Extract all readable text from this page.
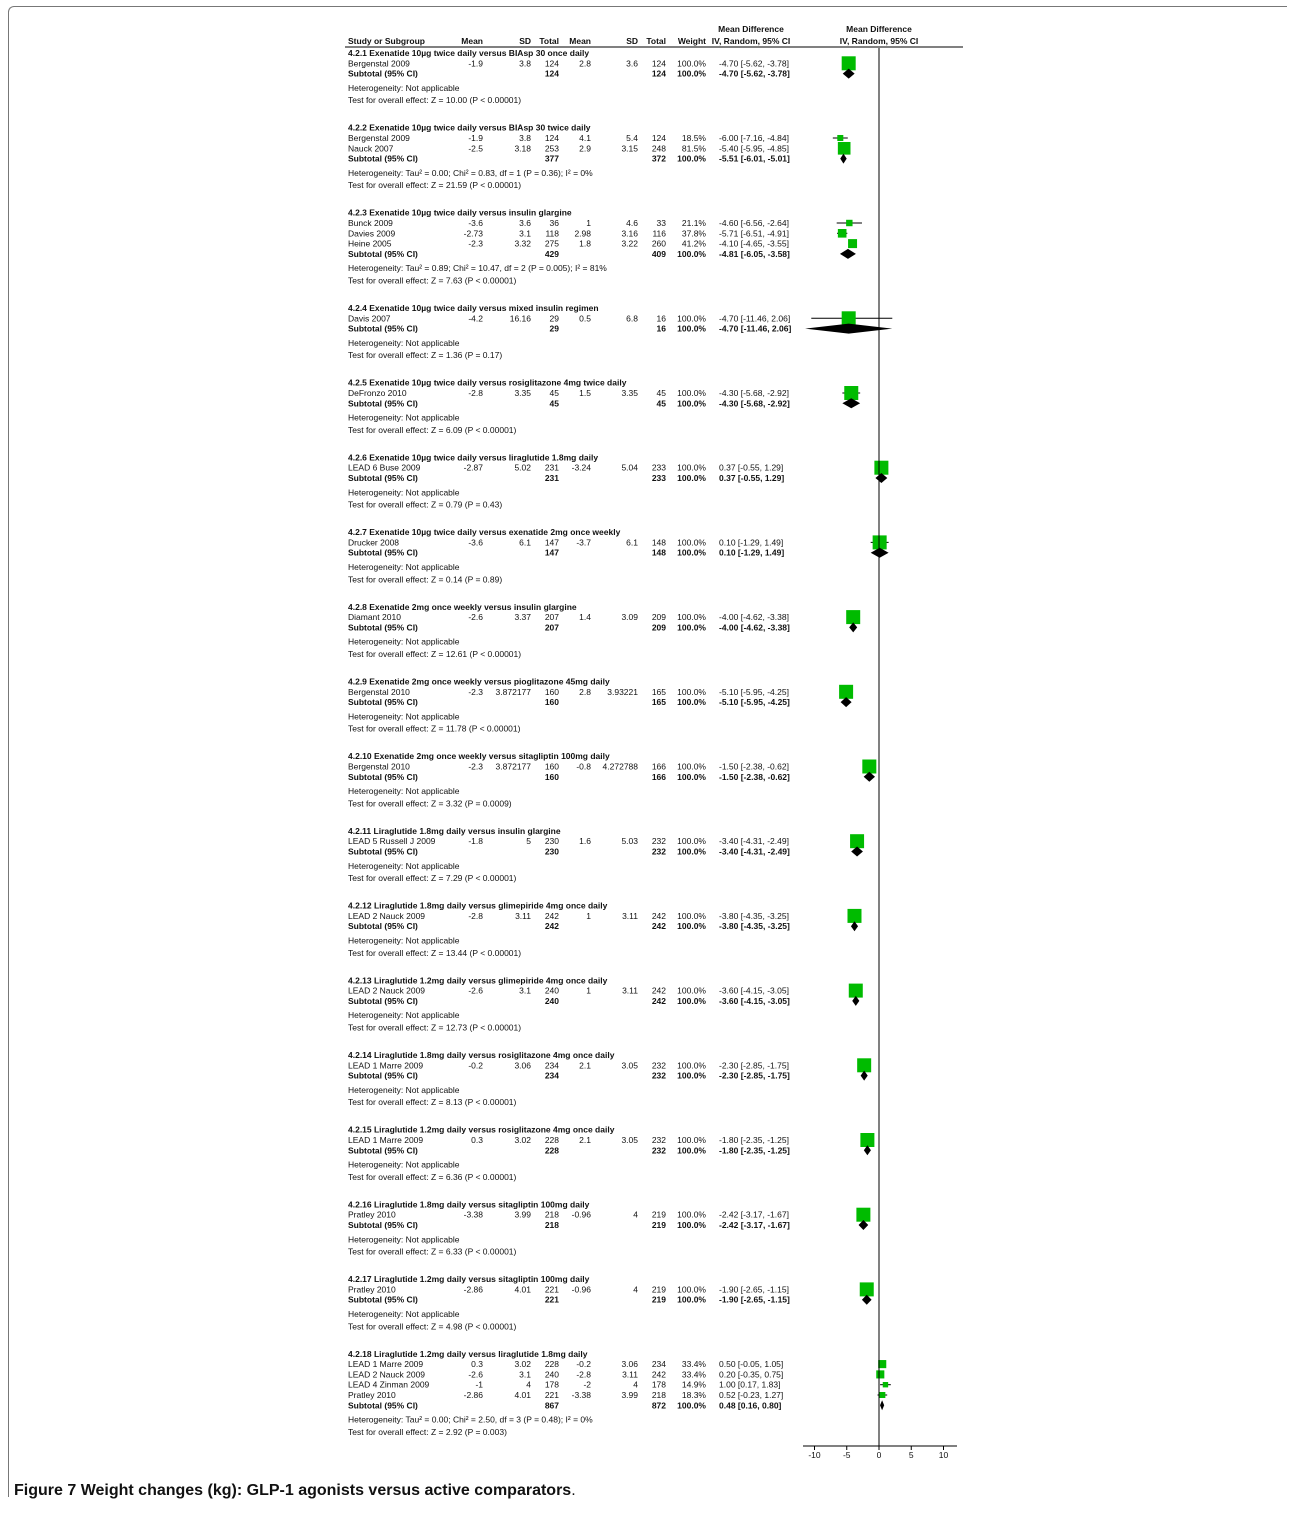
Mean Difference	Mean Difference
Study or Subgroup	Mean	SD Total Mean	SD Total Weight IV, Random, 95% CI	IV, Random, 95% CI
4.2.1 Exenatide 10µg twice daily versus BIAsp 30 once daily
Bergenstal 2009	-1.9	3.8 124 2.8	3.6 124 100.0% -4.70 [-5.62, -3.78]
Subtotal (95% CI)	124	124 100.0% -4.70 [-5.62, -3.78]
Heterogeneity: Not applicable
Test for overall effect: Z = 10.00 (P < 0.00001)
4.2.2 Exenatide 10µg twice daily versus BIAsp 30 twice daily
Bergenstal 2009	-1.9	3.8 124 4.1	5.4 124 18.5% -6.00 [-7.16, -4.84]
Nauck 2007	-2.5	3.18 253 2.9	3.15 248 81.5% -5.40 [-5.95, -4.85]
Subtotal (95% CI)	377	372 100.0% -5.51 [-6.01, -5.01]
Heterogeneity: Tau² = 0.00; Chi² = 0.83, df = 1 (P = 0.36); I² = 0%
Test for overall effect: Z = 21.59 (P < 0.00001)
4.2.3 Exenatide 10µg twice daily versus insulin glargine
Bunck 2009	-3.6	3.6 36	1	4.6 33 21.1% -4.60 [-6.56, -2.64]
Davies 2009	-2.73	3.1 118 2.98	3.16 116 37.8% -5.71 [-6.51, -4.91]
Heine 2005	-2.3	3.32 275 1.8	3.22 260 41.2% -4.10 [-4.65, -3.55]
Subtotal (95% CI)	429	409 100.0% -4.81 [-6.05, -3.58]
Heterogeneity: Tau² = 0.89; Chi² = 10.47, df = 2 (P = 0.005); I² = 81%
Test for overall effect: Z = 7.63 (P < 0.00001)
4.2.4 Exenatide 10µg twice daily versus mixed insulin regimen
Davis 2007	-4.2	16.16 29 0.5	6.8 16 100.0% -4.70 [-11.46, 2.06]
Subtotal (95% CI)	29	16 100.0% -4.70 [-11.46, 2.06]
Heterogeneity: Not applicable
Test for overall effect: Z = 1.36 (P = 0.17)
4.2.5 Exenatide 10µg twice daily versus rosiglitazone 4mg twice daily
DeFronzo 2010	-2.8	3.35 45 1.5	3.35 45 100.0% -4.30 [-5.68, -2.92]
Subtotal (95% CI)	45	45 100.0% -4.30 [-5.68, -2.92]
Heterogeneity: Not applicable
Test for overall effect: Z = 6.09 (P < 0.00001)
4.2.6 Exenatide 10µg twice daily versus liraglutide 1.8mg daily
LEAD 6 Buse 2009	-2.87	5.02 231 -3.24	5.04 233 100.0% 0.37 [-0.55, 1.29]
Subtotal (95% CI)	231	233 100.0% 0.37 [-0.55, 1.29]
Heterogeneity: Not applicable
Test for overall effect: Z = 0.79 (P = 0.43)
4.2.7 Exenatide 10µg twice daily versus exenatide 2mg once weekly
Drucker 2008	-3.6	6.1 147 -3.7	6.1 148 100.0% 0.10 [-1.29, 1.49]
Subtotal (95% CI)	147	148 100.0% 0.10 [-1.29, 1.49]
Heterogeneity: Not applicable
Test for overall effect: Z = 0.14 (P = 0.89)
4.2.8 Exenatide 2mg once weekly versus insulin glargine
Diamant 2010	-2.6	3.37 207 1.4	3.09 209 100.0% -4.00 [-4.62, -3.38]
Subtotal (95% CI)	207	209 100.0% -4.00 [-4.62, -3.38]
Heterogeneity: Not applicable
Test for overall effect: Z = 12.61 (P < 0.00001)
4.2.9 Exenatide 2mg once weekly versus pioglitazone 45mg daily
Bergenstal 2010	-2.3 3.872177 160 2.8 3.93221 165 100.0% -5.10 [-5.95, -4.25]
Subtotal (95% CI)	160	165 100.0% -5.10 [-5.95, -4.25]
Heterogeneity: Not applicable
Test for overall effect: Z = 11.78 (P < 0.00001)
4.2.10 Exenatide 2mg once weekly versus sitagliptin 100mg daily
Bergenstal 2010	-2.3 3.872177 160 -0.8 4.272788 166 100.0% -1.50 [-2.38, -0.62]
Subtotal (95% CI)	160	166 100.0% -1.50 [-2.38, -0.62]
Heterogeneity: Not applicable
Test for overall effect: Z = 3.32 (P = 0.0009)
4.2.11 Liraglutide 1.8mg daily versus insulin glargine
LEAD 5 Russell J 2009	-1.8	5 230 1.6	5.03 232 100.0% -3.40 [-4.31, -2.49]
Subtotal (95% CI)	230	232 100.0% -3.40 [-4.31, -2.49]
Heterogeneity: Not applicable
Test for overall effect: Z = 7.29 (P < 0.00001)
4.2.12 Liraglutide 1.8mg daily versus glimepiride 4mg once daily
LEAD 2 Nauck 2009	-2.8	3.11 242	1	3.11 242 100.0% -3.80 [-4.35, -3.25]
Subtotal (95% CI)	242	242 100.0% -3.80 [-4.35, -3.25]
Heterogeneity: Not applicable
Test for overall effect: Z = 13.44 (P < 0.00001)
4.2.13 Liraglutide 1.2mg daily versus glimepiride 4mg once daily
LEAD 2 Nauck 2009	-2.6	3.1 240	1	3.11 242 100.0% -3.60 [-4.15, -3.05]
Subtotal (95% CI)	240	242 100.0% -3.60 [-4.15, -3.05]
Heterogeneity: Not applicable
Test for overall effect: Z = 12.73 (P < 0.00001)
4.2.14 Liraglutide 1.8mg daily versus rosiglitazone 4mg once daily
LEAD 1 Marre 2009	-0.2	3.06 234 2.1	3.05 232 100.0% -2.30 [-2.85, -1.75]
Subtotal (95% CI)	234	232 100.0% -2.30 [-2.85, -1.75]
Heterogeneity: Not applicable
Test for overall effect: Z = 8.13 (P < 0.00001)
4.2.15 Liraglutide 1.2mg daily versus rosiglitazone 4mg once daily
LEAD 1 Marre 2009	0.3	3.02 228 2.1	3.05 232 100.0% -1.80 [-2.35, -1.25]
Subtotal (95% CI)	228	232 100.0% -1.80 [-2.35, -1.25]
Heterogeneity: Not applicable
Test for overall effect: Z = 6.36 (P < 0.00001)
4.2.16 Liraglutide 1.8mg daily versus sitagliptin 100mg daily
Pratley 2010	-3.38	3.99 218 -0.96	4 219 100.0% -2.42 [-3.17, -1.67]
Subtotal (95% CI)	218	219 100.0% -2.42 [-3.17, -1.67]
Heterogeneity: Not applicable
Test for overall effect: Z = 6.33 (P < 0.00001)
4.2.17 Liraglutide 1.2mg daily versus sitagliptin 100mg daily
Pratley 2010	-2.86	4.01 221 -0.96	4 219 100.0% -1.90 [-2.65, -1.15]
Subtotal (95% CI)	221	219 100.0% -1.90 [-2.65, -1.15]
Heterogeneity: Not applicable
Test for overall effect: Z = 4.98 (P < 0.00001)
4.2.18 Liraglutide 1.2mg daily versus liraglutide 1.8mg daily
LEAD 1 Marre 2009	0.3	3.02 228 -0.2	3.06 234 33.4% 0.50 [-0.05, 1.05]
LEAD 2 Nauck 2009	-2.6	3.1 240 -2.8	3.11 242 33.4% 0.20 [-0.35, 0.75]
LEAD 4 Zinman 2009	-1	4 178	-2	4 178 14.9% 1.00 [0.17, 1.83]
Pratley 2010	-2.86	4.01 221 -3.38	3.99 218 18.3% 0.52 [-0.23, 1.27]
Subtotal (95% CI)	867	872 100.0% 0.48 [0.16, 0.80]
Heterogeneity: Tau² = 0.00; Chi² = 2.50, df = 3 (P = 0.48); I² = 0%
Test for overall effect: Z = 2.92 (P = 0.003)
-10	-5	0	5	10
Figure 7 Weight changes (kg): GLP-1 agonists versus active comparators.
